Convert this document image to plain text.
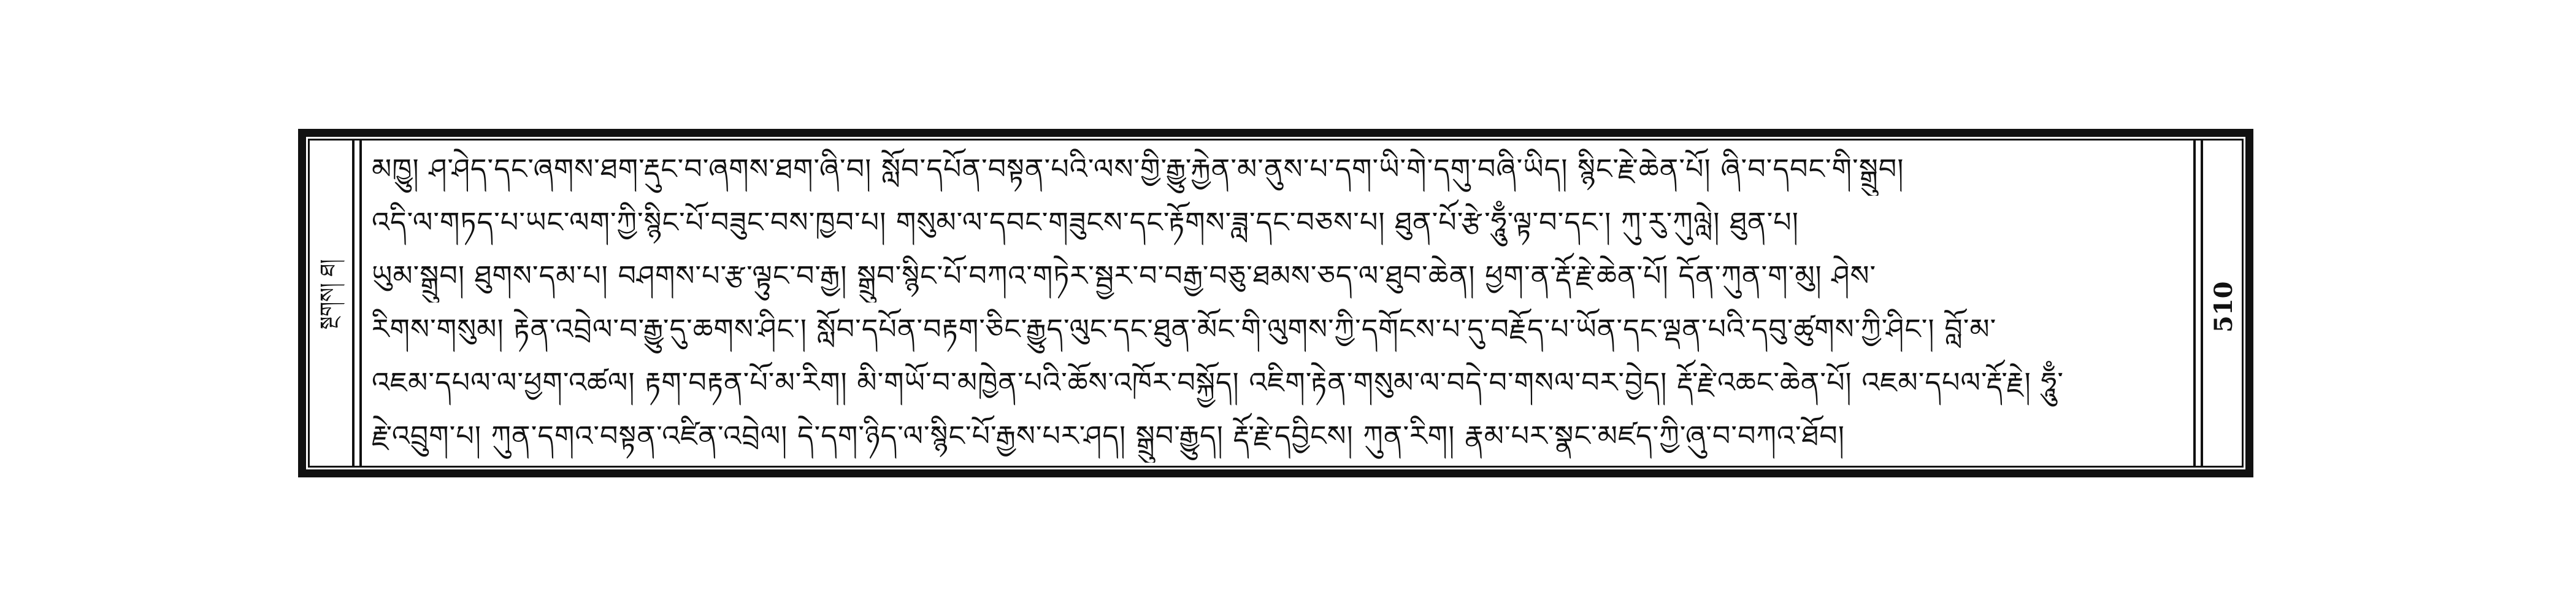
སྔགས། ཐ།	510
མཁྱུ། ཤ་ཤེད་དང་ཞགས་ཐག་རྡུང་བ་ཞགས་ཐག་ཞི་བ། སློབ་དཔོན་བསྟན་པའི་ལས་གྱི་རྒྱུ་རྐྱེན་མ་ནུས་པ་དག་ཡི་གེ་དགུ་བཞི་ཡིད། སྙིང་རྗེ་ཆེན་པོ། ཞི་བ་དབང་གི་སྒྲུབ།
འདི་ལ་གཏད་པ་ཡང་ལག་ཀྱི་སྙིང་པོ་བཟུང་བས་ཁྱབ་པ། གསུམ་ལ་དབང་གཟུངས་དང་རྟོགས་ཟླ་དང་བཅས་པ། ཐུན་པོ་རྩེ་ཧཱུྃ་ལྟ་བ་དང་། ཀུ་རུ་ཀུལླེ། ཐུན་པ།
ཡུམ་སྒྲུབ། ཐུགས་དམ་པ། བཤགས་པ་རྩ་ལྟུང་བ་རྒྱ། སྒྲུབ་སྙིང་པོ་བཀའ་གཏེར་སྦྱར་བ་བརྒྱ་བཅུ་ཐམས་ཅད་ལ་ཐུབ་ཆེན། ཕྱག་ན་རྡོ་རྗེ་ཆེན་པོ། དོན་ཀུན་ག་མུ། ཤེས་
རིགས་གསུམ། རྟེན་འབྲེལ་བ་རྒྱུ་དུ་ཆགས་ཤིང་། སློབ་དཔོན་བརྟག་ཅིང་རྒྱུད་ལུང་དང་ཐུན་མོང་གི་ལུགས་ཀྱི་དགོངས་པ་དུ་བརྗོད་པ་ཡོན་དང་ལྡན་པའི་དབུ་ཚུགས་ཀྱི་ཤིང་། བློ་མ་
འཇམ་དཔལ་ལ་ཕྱག་འཚལ། རྟག་བརྟན་པོ་མ་རིག། མི་གཡོ་བ་མཁྱེན་པའི་ཆོས་འཁོར་བསྐྱོད། འཇིག་རྟེན་གསུམ་ལ་བདེ་བ་གསལ་བར་བྱེད། རྡོ་རྗེ་འཆང་ཆེན་པོ། འཇམ་དཔལ་རྡོ་རྗེ། ཧཱུྃ་
རྗེ་འབྲུག་པ། ཀུན་དགའ་བསྟན་འཛིན་འབྲེལ། དེ་དག་ཉིད་ལ་སྙིང་པོ་རྒྱས་པར་ཤད། སྒྲུབ་རྒྱུད། རྡོ་རྗེ་དབྱིངས། ཀུན་རིག། རྣམ་པར་སྣང་མཛད་ཀྱི་ཞུ་བ་བཀའ་ཐོབ།
